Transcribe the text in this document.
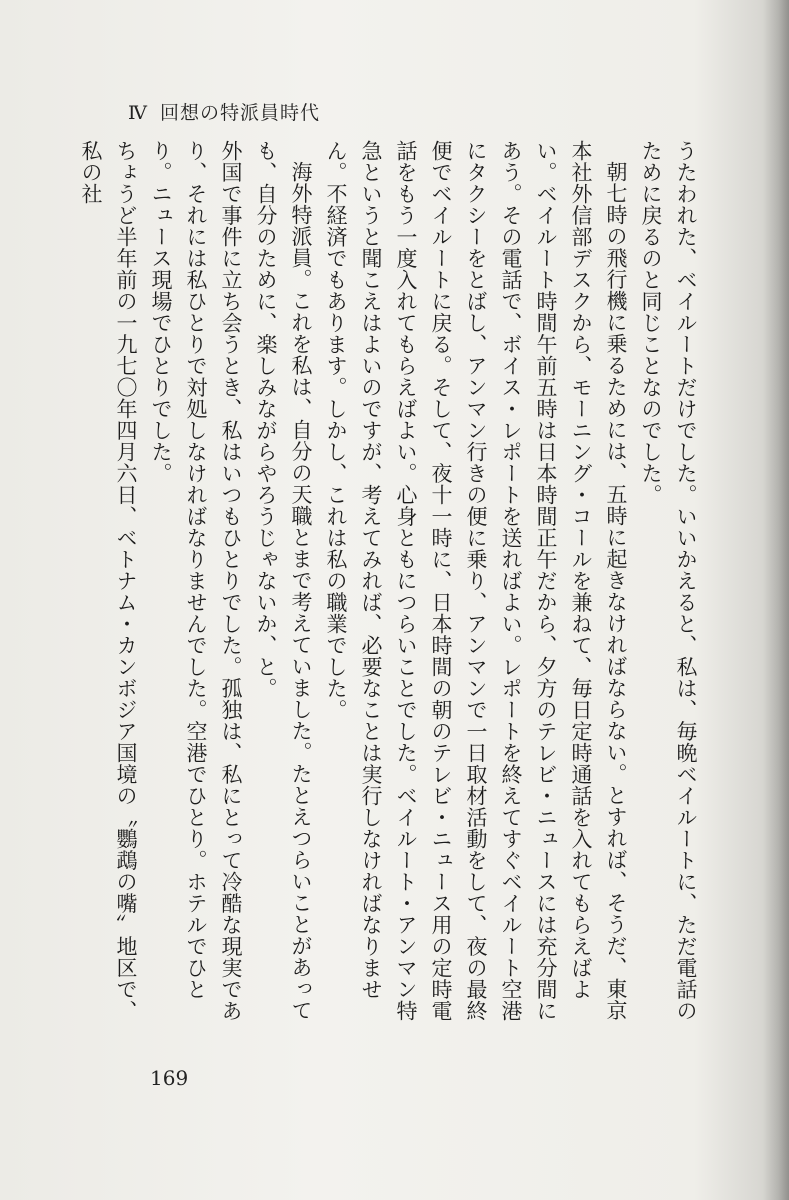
Ⅳ 回想の特派員時代

うたわれた、ベイルートだけでした。いいかえると、私は、毎晩ベイルートに、ただ電話のために戻るのと同じことなのでした。

朝七時の飛行機に乗るためには、五時に起きなければならない。とすれば、そうだ、東京本社外信部デスクから、モーニング・コールを兼ねて、毎日定時通話を入れてもらえばよい。ベイルート時間午前五時は日本時間正午だから、夕方のテレビ・ニュースには充分間にあう。その電話で、ボイス・レポートを送ればよい。レポートを終えてすぐベイルート空港にタクシーをとばし、アンマン行きの便に乗り、アンマンで一日取材活動をして、夜の最終便でベイルートに戻る。そして、夜十一時に、日本時間の朝のテレビ・ニュース用の定時電話をもう一度入れてもらえばよい。心身ともにつらいことでした。ベイルート・アンマン特急というと聞こえはよいのですが、考えてみれば、必要なことは実行しなければなりません。不経済でもあります。しかし、これは私の職業でした。

海外特派員。これを私は、自分の天職とまで考えていました。たとえつらいことがあっても、自分のために、楽しみながらやろうじゃないか、と。

外国で事件に立ち会うとき、私はいつもひとりでした。孤独は、私にとって冷酷な現実であり、それには私ひとりで対処しなければなりませんでした。空港でひとり。ホテルでひとり。ニュース現場でひとりでした。

ちょうど半年前の一九七〇年四月六日、ベトナム・カンボジア国境の〝鸚鵡の嘴〟地区で、私の社

169
